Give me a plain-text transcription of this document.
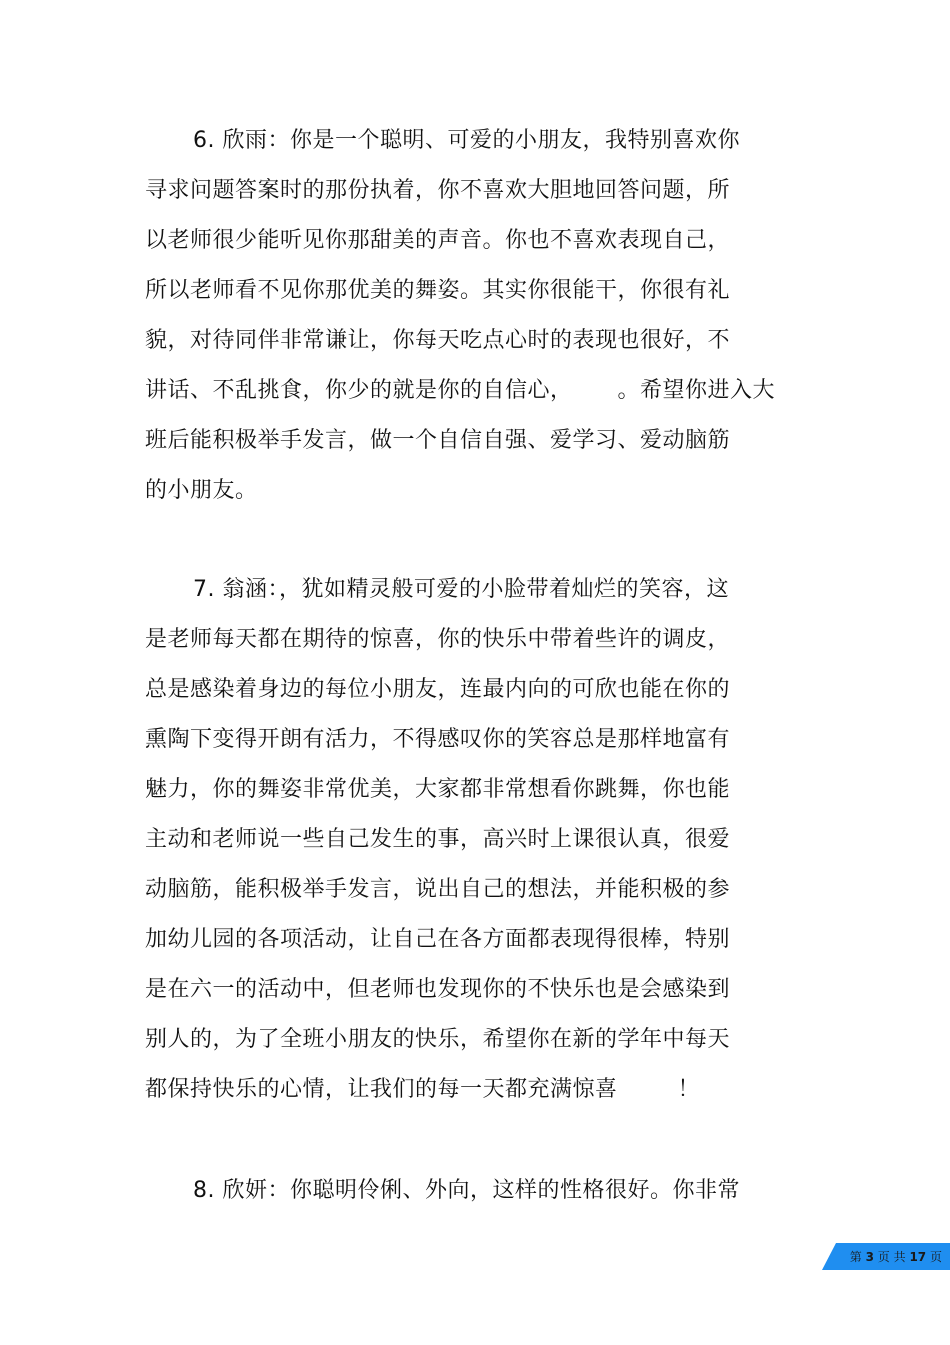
6. 欣雨：你是一个聪明、可爱的小朋友，我特别喜欢你
寻求问题答案时的那份执着，你不喜欢大胆地回答问题，所
以老师很少能听见你那甜美的声音。你也不喜欢表现自己，
所以老师看不见你那优美的舞姿。其实你很能干，你很有礼
貌，对待同伴非常谦让，你每天吃点心时的表现也很好，不
讲话、不乱挑食，你少的就是你的自信心，      。希望你进入大
班后能积极举手发言，做一个自信自强、爱学习、爱动脑筋
的小朋友。
7. 翁涵：，犹如精灵般可爱的小脸带着灿烂的笑容，这
是老师每天都在期待的惊喜，你的快乐中带着些许的调皮，
总是感染着身边的每位小朋友，连最内向的可欣也能在你的
熏陶下变得开朗有活力，不得感叹你的笑容总是那样地富有
魅力，你的舞姿非常优美，大家都非常想看你跳舞，你也能
主动和老师说一些自己发生的事，高兴时上课很认真，很爱
动脑筋，能积极举手发言，说出自己的想法，并能积极的参
加幼儿园的各项活动，让自己在各方面都表现得很棒，特别
是在六一的活动中，但老师也发现你的不快乐也是会感染到
别人的，为了全班小朋友的快乐，希望你在新的学年中每天
都保持快乐的心情，让我们的每一天都充满惊喜        ！
8. 欣妍：你聪明伶俐、外向，这样的性格很好。你非常
第 3 页 共 17 页
